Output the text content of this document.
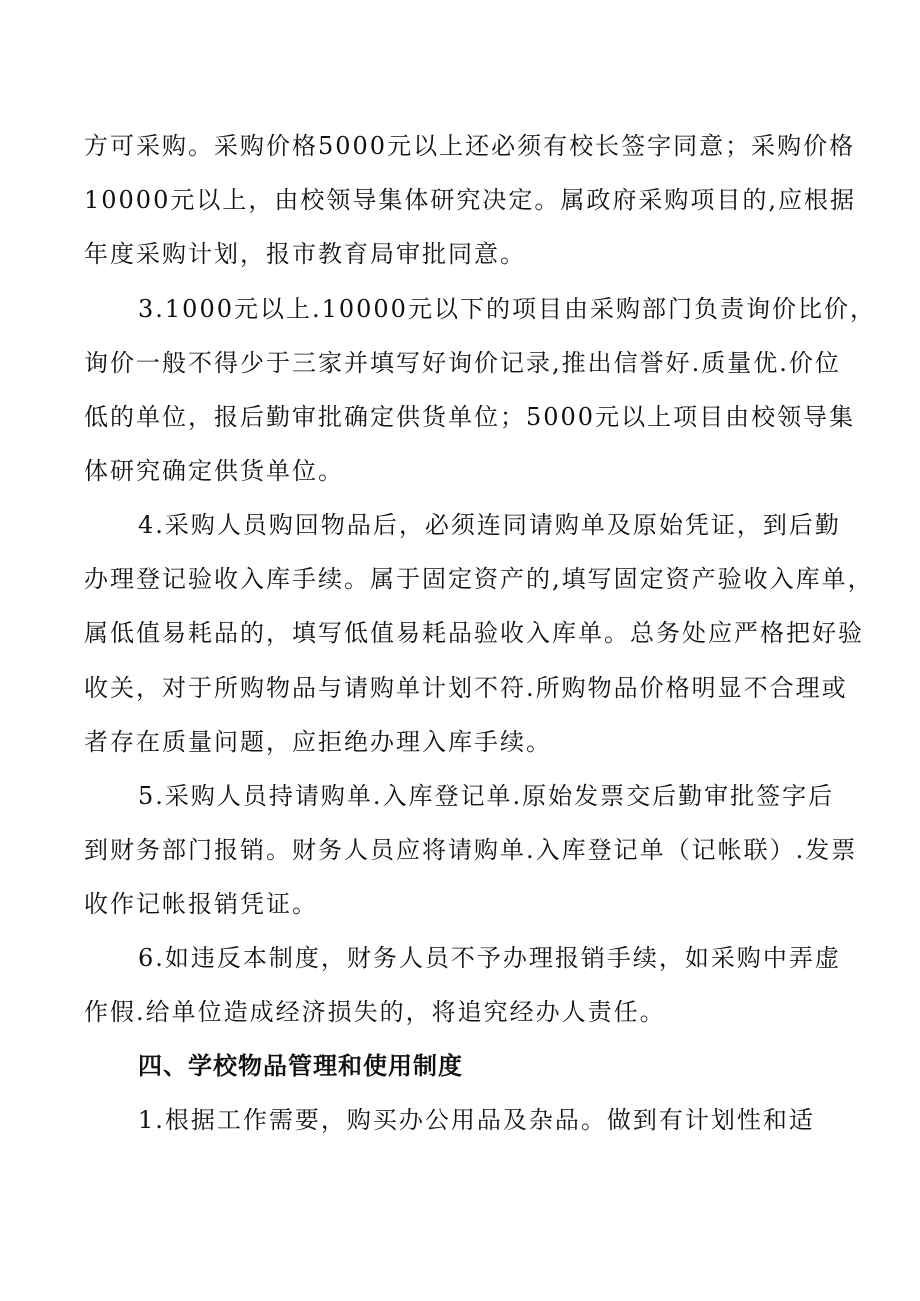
方可采购。采购价格5000元以上还必须有校长签字同意；采购价格
10000元以上，由校领导集体研究决定。属政府采购项目的,应根据
年度采购计划，报市教育局审批同意。
3.1000元以上.10000元以下的项目由采购部门负责询价比价，
询价一般不得少于三家并填写好询价记录,推出信誉好.质量优.价位
低的单位，报后勤审批确定供货单位；5000元以上项目由校领导集
体研究确定供货单位。
4.采购人员购回物品后，必须连同请购单及原始凭证，到后勤
办理登记验收入库手续。属于固定资产的,填写固定资产验收入库单，
属低值易耗品的，填写低值易耗品验收入库单。总务处应严格把好验
收关，对于所购物品与请购单计划不符.所购物品价格明显不合理或
者存在质量问题，应拒绝办理入库手续。
5.采购人员持请购单.入库登记单.原始发票交后勤审批签字后
到财务部门报销。财务人员应将请购单.入库登记单（记帐联）.发票
收作记帐报销凭证。
6.如违反本制度，财务人员不予办理报销手续，如采购中弄虚
作假.给单位造成经济损失的，将追究经办人责任。
四、学校物品管理和使用制度
1.根据工作需要，购买办公用品及杂品。做到有计划性和适
